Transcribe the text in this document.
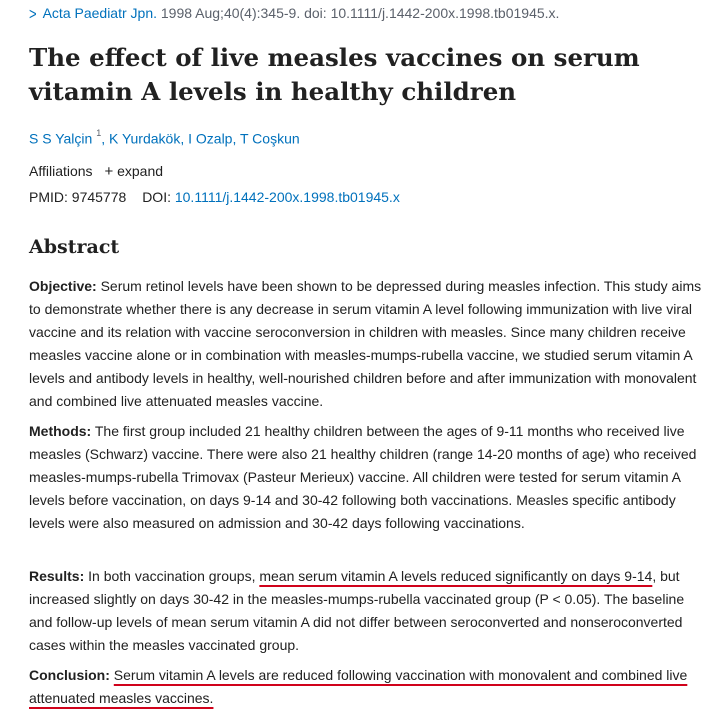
> Acta Paediatr Jpn. 1998 Aug;40(4):345-9. doi: 10.1111/j.1442-200x.1998.tb01945.x.
The effect of live measles vaccines on serum vitamin A levels in healthy children
S S Yalçin $^1$, K Yurdakök, I Ozalp, T Coşkun
Affiliations + expand
PMID: 9745778 DOI: 10.1111/j.1442-200x.1998.tb01945.x
Abstract

Objective: Serum retinol levels have been shown to be depressed during measles infection. This study aims to demonstrate whether there is any decrease in serum vitamin A level following immunization with live viral vaccine and its relation with vaccine seroconversion in children with measles. Since many children receive measles vaccine alone or in combination with measles-mumps-rubella vaccine, we studied serum vitamin A levels and antibody levels in healthy, well-nourished children before and after immunization with monovalent and combined live attenuated measles vaccine.

Methods: The first group included 21 healthy children between the ages of 9-11 months who received live measles (Schwarz) vaccine. There were also 21 healthy children (range 14-20 months of age) who received measles-mumps-rubella Trimovax (Pasteur Merieux) vaccine. All children were tested for serum vitamin A levels before vaccination, on days 9-14 and 30-42 following both vaccinations. Measles specific antibody levels were also measured on admission and 30-42 days following vaccinations.

Results: In both vaccination groups, mean serum vitamin A levels reduced significantly on days 9-14, but increased slightly on days 30-42 in the measles-mumps-rubella vaccinated group (P < 0.05). The baseline and follow-up levels of mean serum vitamin A did not differ between seroconverted and nonseroconverted cases within the measles vaccinated group.

Conclusion: Serum vitamin A levels are reduced following vaccination with monovalent and combined live attenuated measles vaccines.
